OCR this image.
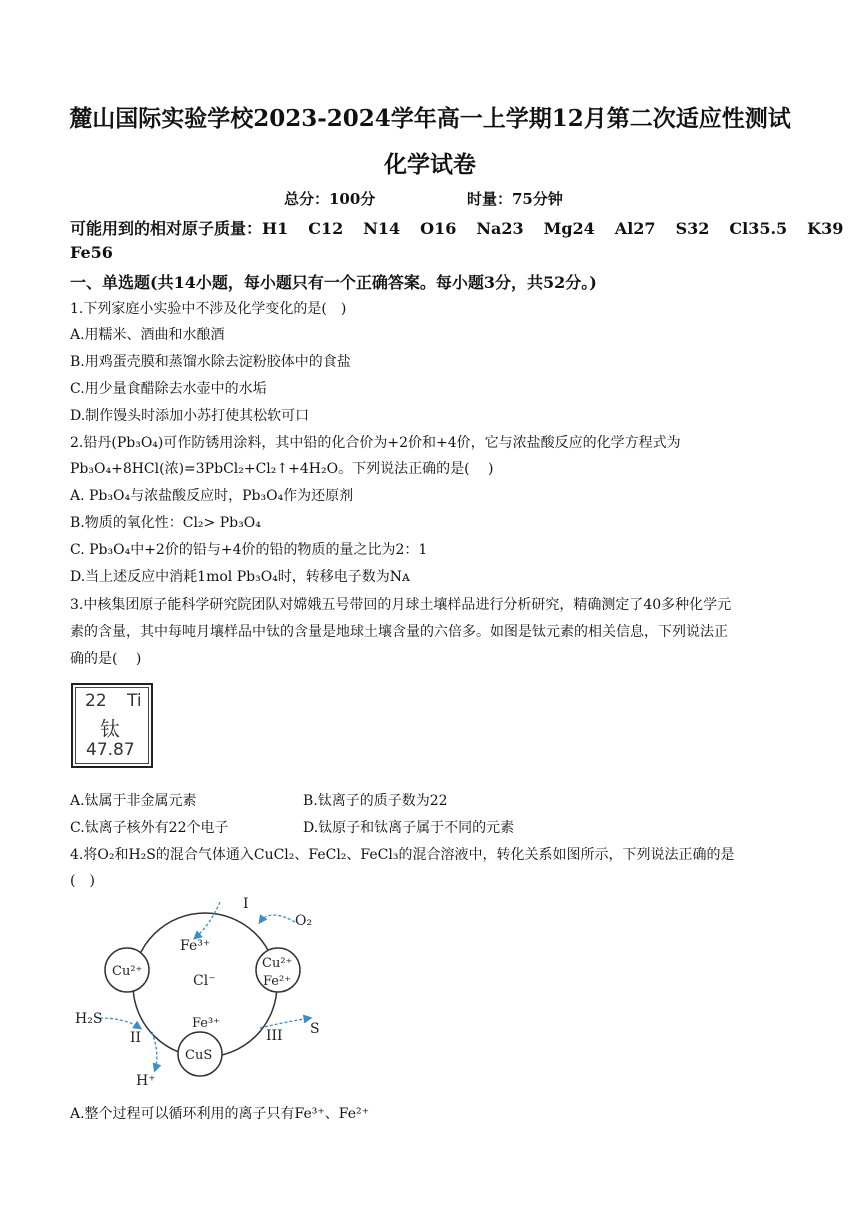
麓山国际实验学校2023-2024学年高一上学期12月第二次适应性测试
化学试卷
总分：100分	时量：75分钟
可能用到的相对原子质量：H1 C12 N14 O16 Na23 Mg24 Al27 S32 Cl35.5 K39
Fe56
一、单选题(共14小题，每小题只有一个正确答案。每小题3分，共52分。)
1.下列家庭小实验中不涉及化学变化的是(　)
A.用糯米、酒曲和水酿酒
B.用鸡蛋壳膜和蒸馏水除去淀粉胶体中的食盐
C.用少量食醋除去水壶中的水垢
D.制作馒头时添加小苏打使其松软可口
2.铅丹(Pb₃O₄)可作防锈用涂料，其中铅的化合价为+2价和+4价，它与浓盐酸反应的化学方程式为
Pb₃O₄+8HCl(浓)=3PbCl₂+Cl₂↑+4H₂O。下列说法正确的是(　 )
A. Pb₃O₄与浓盐酸反应时，Pb₃O₄作为还原剂
B.物质的氧化性：Cl₂> Pb₃O₄
C. Pb₃O₄中+2价的铅与+4价的铅的物质的量之比为2：1
D.当上述反应中消耗1mol Pb₃O₄时，转移电子数为Nᴀ
3.中核集团原子能科学研究院团队对嫦娥五号带回的月球土壤样品进行分析研究，精确测定了40多种化学元
素的含量，其中每吨月壤样品中钛的含量是地球土壤含量的六倍多。如图是钛元素的相关信息，下列说法正
确的是(　 )
22 Ti
钛
47.87
A.钛属于非金属元素	B.钛离子的质子数为22
C.钛离子核外有22个电子	D.钛原子和钛离子属于不同的元素
4.将O₂和H₂S的混合气体通入CuCl₂、FeCl₂、FeCl₃的混合溶液中，转化关系如图所示，下列说法正确的是
(　)
I
O₂
Fe³⁺
Cu²⁺
Cl⁻
Cu²⁺
Fe²⁺
H₂S
II
Fe³⁺
III S
CuS
H⁺
A.整个过程可以循环利用的离子只有Fe³⁺、Fe²⁺
